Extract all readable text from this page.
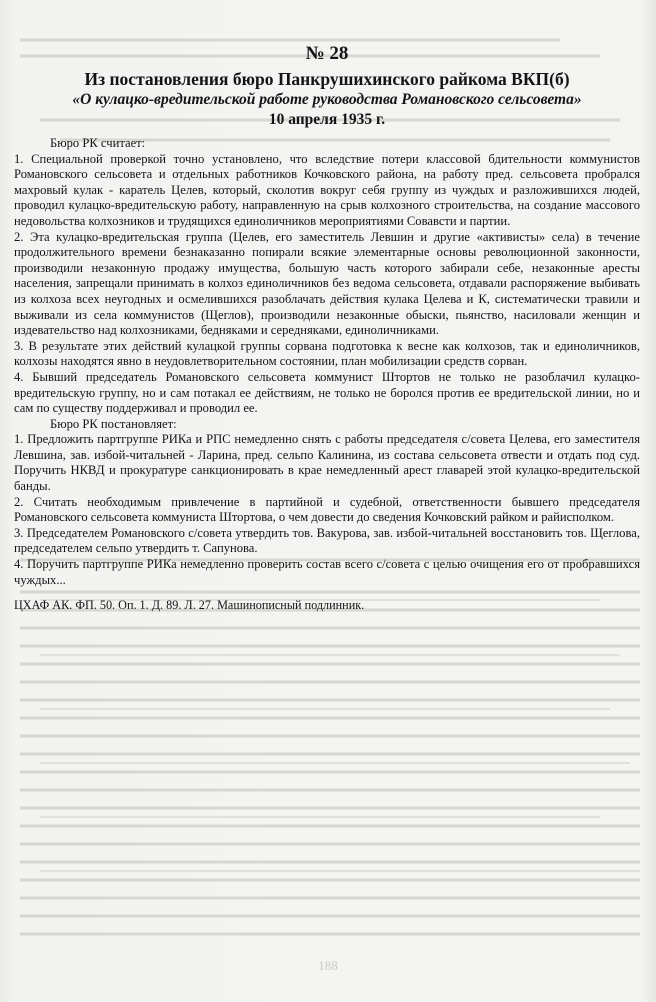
№ 28

Из постановления бюро Панкрушихинского райкома ВКП(б)

«О кулацко-вредительской работе руководства Романовского сельсовета»

10 апреля 1935 г.

Бюро РК считает:

1. Специальной проверкой точно установлено, что вследствие потери классовой бдительности коммунистов Романовского сельсовета и отдельных работников Кочковского района, на работу пред. сельсовета пробрался махровый кулак - каратель Целев, который, сколотив вокруг себя группу из чуждых и разложившихся людей, проводил кулацко-вредительскую работу, направленную на срыв колхозного строительства, на создание массового недовольства колхозников и трудящихся единоличников мероприятиями Совавсти и партии.

2. Эта кулацко-вредительская группа (Целев, его заместитель Левшин и другие «активисты» села) в течение продолжительного времени безнаказанно попирали всякие элементарные основы революционной законности, производили незаконную продажу имущества, большую часть которого забирали себе, незаконные аресты населения, запрещали принимать в колхоз единоличников без ведома сельсовета, отдавали распоряжение выбивать из колхоза всех неугодных и осмелившихся разоблачать действия кулака Целева и К, систематически травили и выживали из села коммунистов (Щеглов), производили незаконные обыски, пьянство, насиловали женщин и издевательство над колхозниками, бедняками и середняками, единоличниками.

3. В результате этих действий кулацкой группы сорвана подготовка к весне как колхозов, так и единоличников, колхозы находятся явно в неудовлетворительном состоянии, план мобилизации средств сорван.

4. Бывший председатель Романовского сельсовета коммунист Штортов не только не разоблачил кулацко-вредительскую группу, но и сам потакал ее действиям, не только не боролся против ее вредительской линии, но и сам по существу поддерживал и проводил ее.

Бюро РК постановляет:

1. Предложить партгруппе РИКа и РПС немедленно снять с работы председателя с/совета Целева, его заместителя Левшина, зав. избой-читальней - Ларина, пред. сельпо Калинина, из состава сельсовета отвести и отдать под суд. Поручить НКВД и прокуратуре санкционировать в крае немедленный арест главарей этой кулацко-вредительской банды.

2. Считать необходимым привлечение в партийной и судебной, ответственности бывшего председателя Романовского сельсовета коммуниста Штортова, о чем довести до сведения Кочковский райком и райисполком.

3. Председателем Романовского с/совета утвердить тов. Вакурова, зав. избой-читальней восстановить тов. Щеглова, председателем сельпо утвердить т. Сапунова.

4. Поручить партгруппе РИКа немедленно проверить состав всего с/совета с целью очищения его от пробравшихся чуждых...

ЦХАФ АК. ФП. 50. Оп. 1. Д. 89. Л. 27. Машинописный подлинник.

188
